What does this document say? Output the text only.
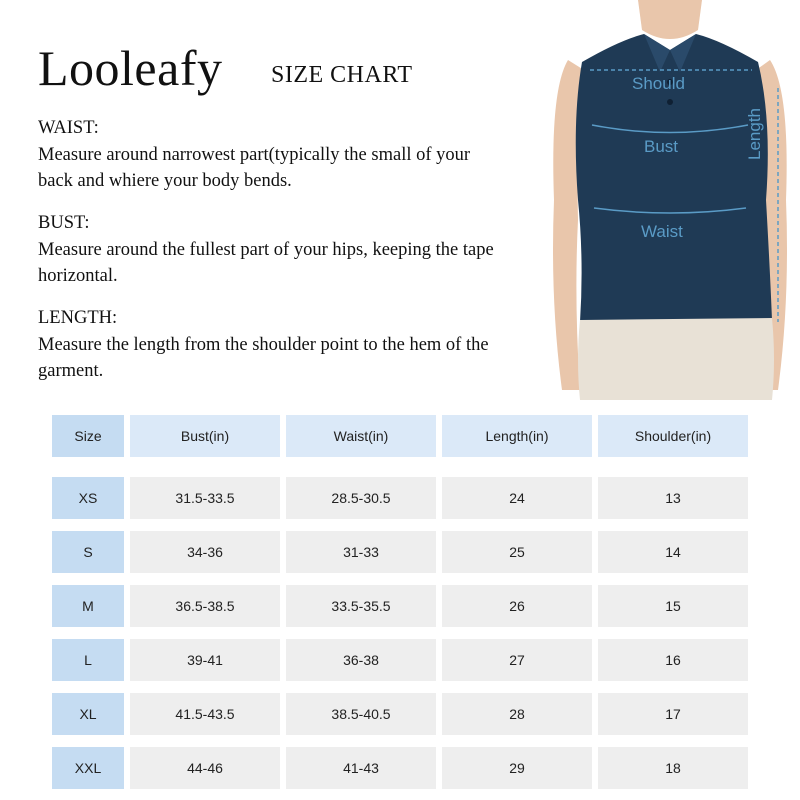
Looleafy SIZE CHART
WAIST:
Measure around narrowest part(typically the small of your back and whiere your body bends.
BUST:
Measure around the fullest part of your hips, keeping the tape horizontal.
LENGTH:
Measure the length from the shoulder point to the hem of the garment.
Should
Bust
Waist
Length
Size	Bust(in)	Waist(in)	Length(in)	Shoulder(in)
XS	31.5-33.5	28.5-30.5	24	13
S	34-36	31-33	25	14
M	36.5-38.5	33.5-35.5	26	15
L	39-41	36-38	27	16
XL	41.5-43.5	38.5-40.5	28	17
XXL	44-46	41-43	29	18
